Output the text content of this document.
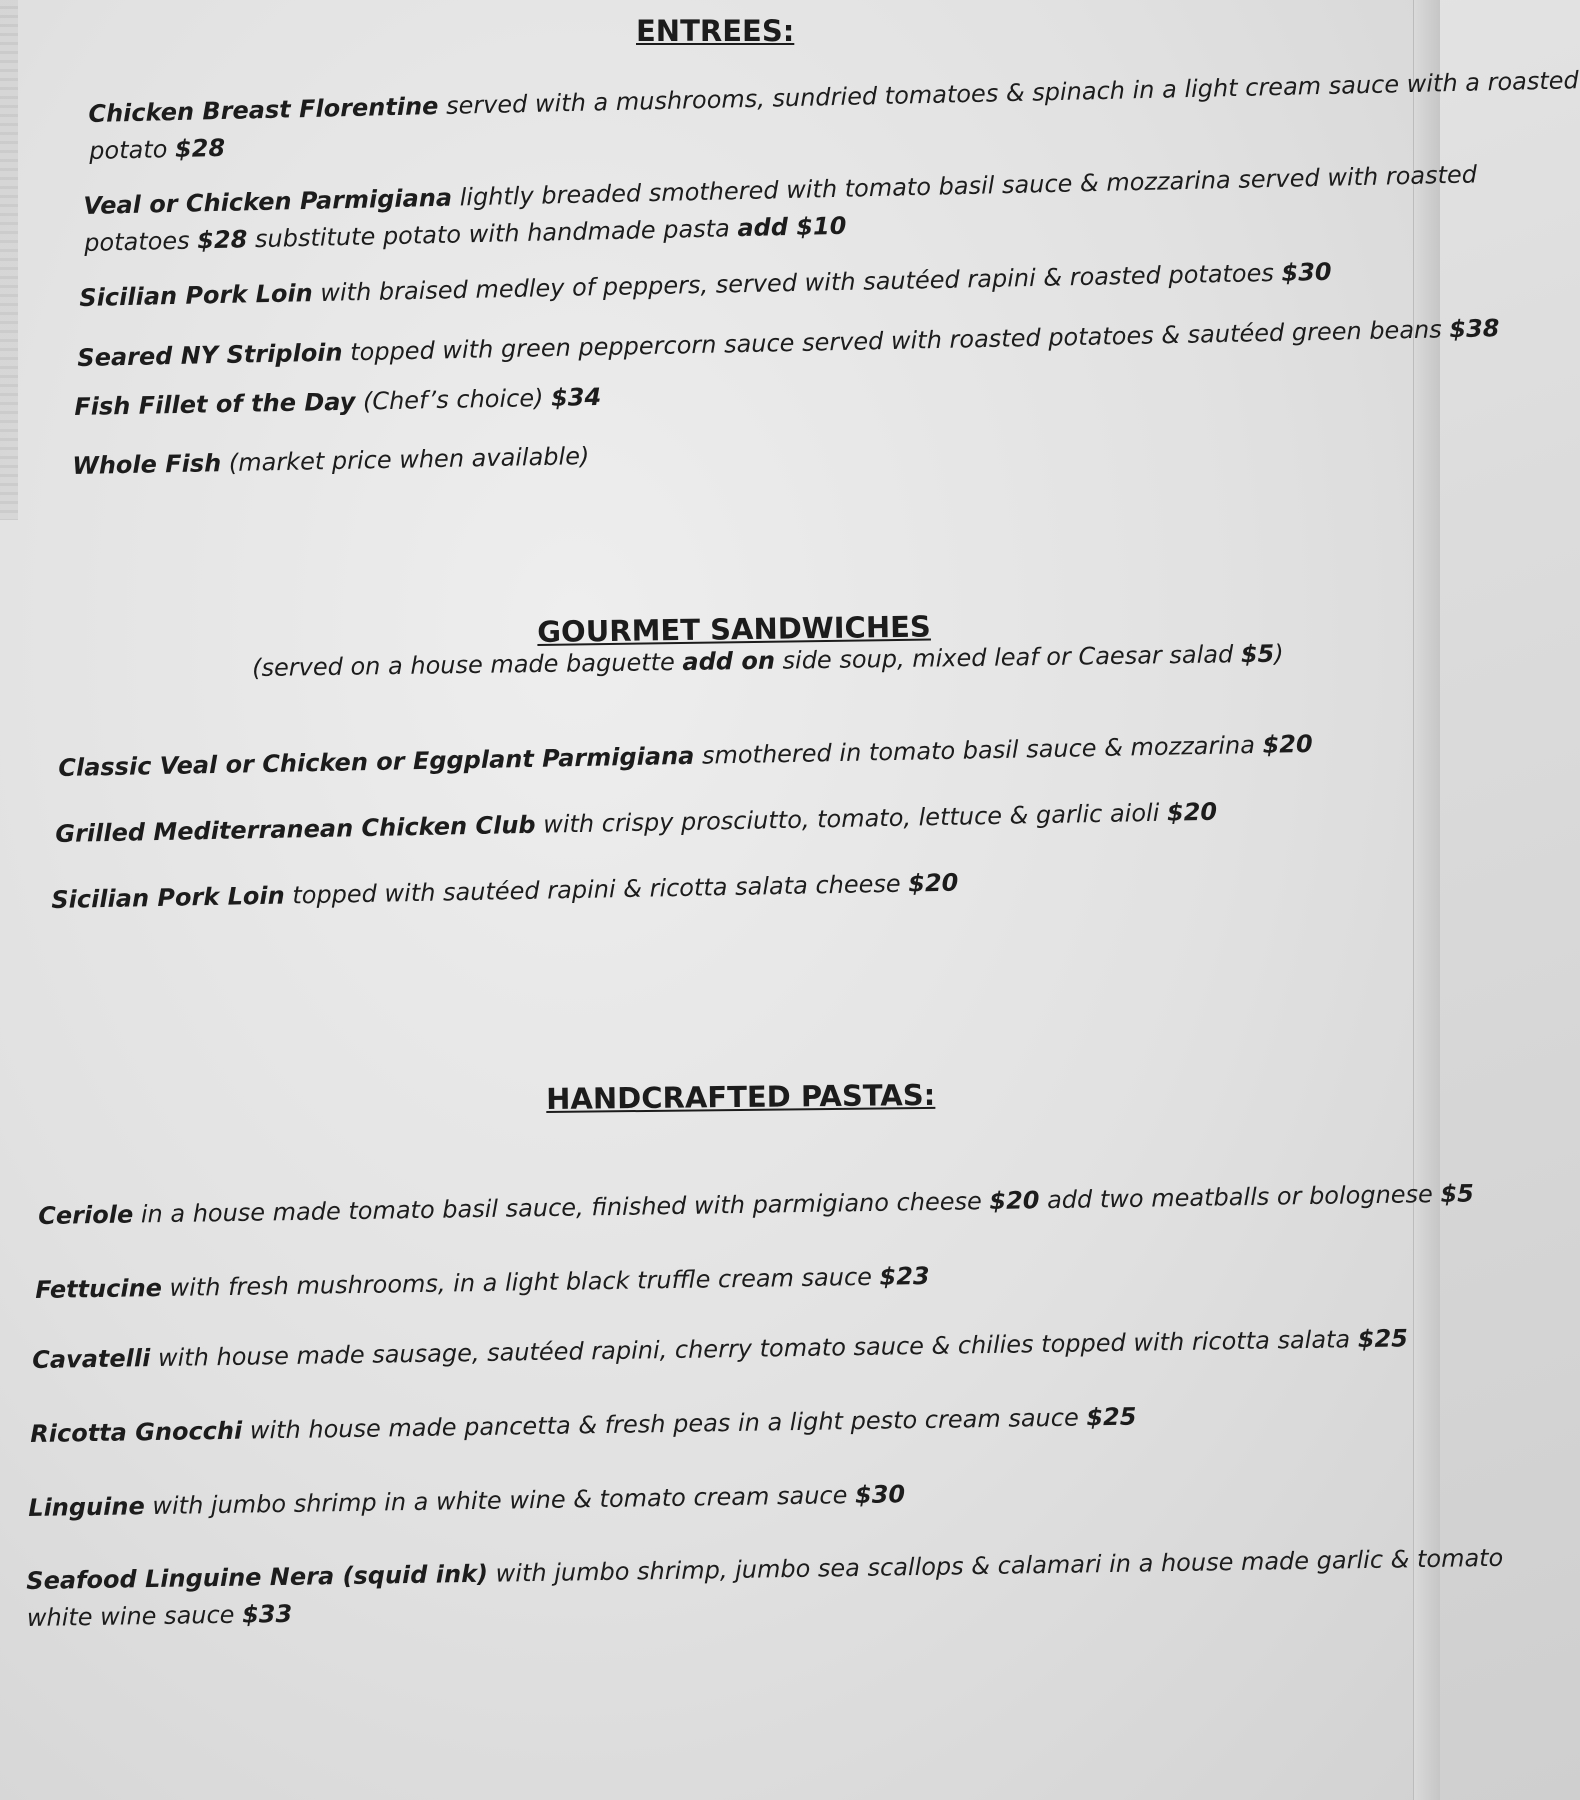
ENTREES:
Chicken Breast Florentine served with a mushrooms, sundried tomatoes & spinach in a light cream sauce with a roasted
potato $28
Veal or Chicken Parmigiana lightly breaded smothered with tomato basil sauce & mozzarina served with roasted
potatoes $28 substitute potato with handmade pasta add $10
Sicilian Pork Loin with braised medley of peppers, served with sautéed rapini & roasted potatoes $30
Seared NY Striploin topped with green peppercorn sauce served with roasted potatoes & sautéed green beans $38
Fish Fillet of the Day (Chef’s choice) $34
Whole Fish (market price when available)
GOURMET SANDWICHES
(served on a house made baguette add on side soup, mixed leaf or Caesar salad $5)
Classic Veal or Chicken or Eggplant Parmigiana smothered in tomato basil sauce & mozzarina $20
Grilled Mediterranean Chicken Club with crispy prosciutto, tomato, lettuce & garlic aioli $20
Sicilian Pork Loin topped with sautéed rapini & ricotta salata cheese $20
HANDCRAFTED PASTAS:
Ceriole in a house made tomato basil sauce, finished with parmigiano cheese $20 add two meatballs or bolognese $5
Fettucine with fresh mushrooms, in a light black truffle cream sauce $23
Cavatelli with house made sausage, sautéed rapini, cherry tomato sauce & chilies topped with ricotta salata $25
Ricotta Gnocchi with house made pancetta & fresh peas in a light pesto cream sauce $25
Linguine with jumbo shrimp in a white wine & tomato cream sauce $30
Seafood Linguine Nera (squid ink) with jumbo shrimp, jumbo sea scallops & calamari in a house made garlic & tomato
white wine sauce $33
